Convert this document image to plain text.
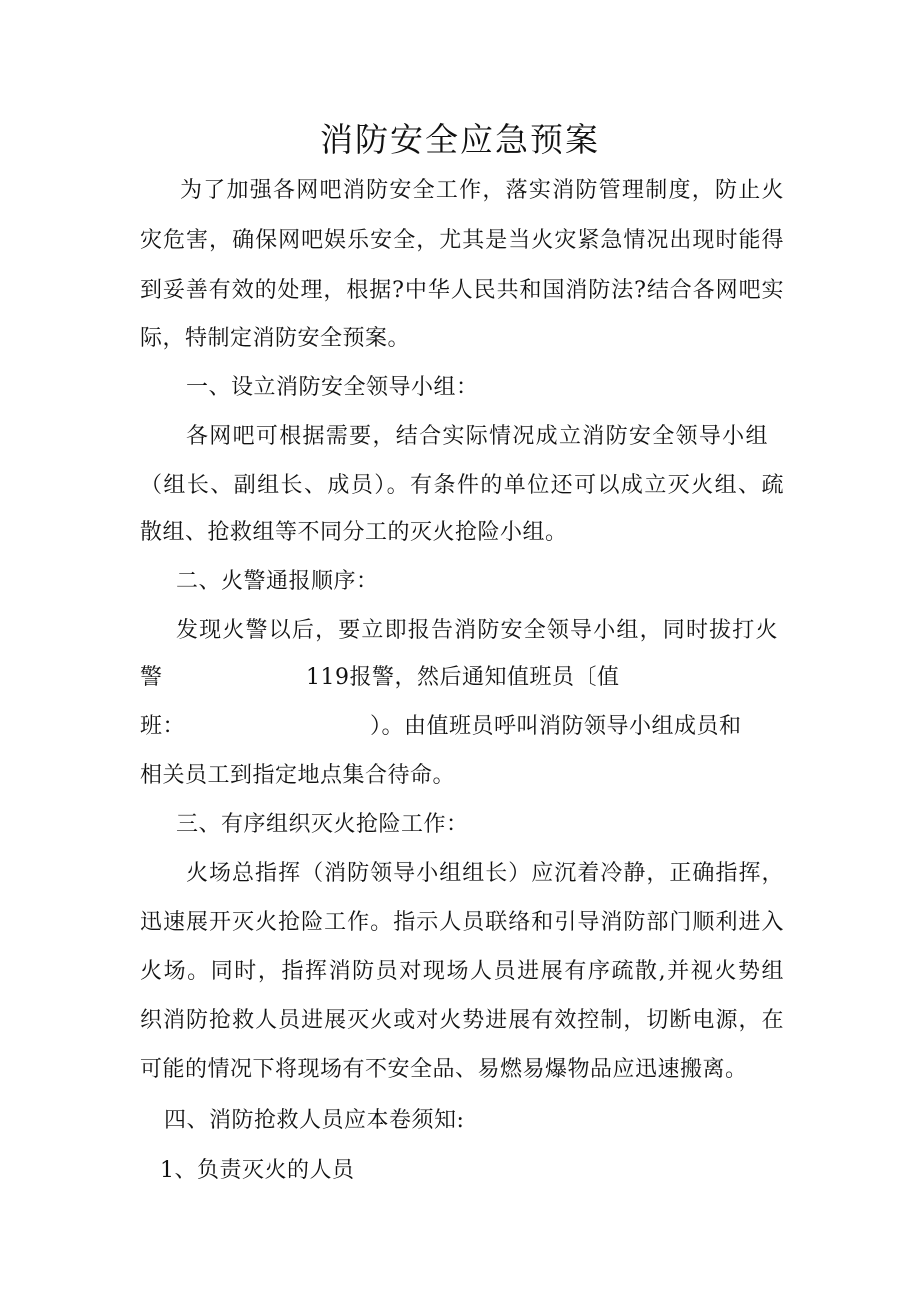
消防安全应急预案
为了加强各网吧消防安全工作，落实消防管理制度，防止火
灾危害，确保网吧娱乐安全，尤其是当火灾紧急情况出现时能得
到妥善有效的处理，根据?中华人民共和国消防法?结合各网吧实
际，特制定消防安全预案。
一、设立消防安全领导小组：
各网吧可根据需要，结合实际情况成立消防安全领导小组
（组长、副组长、成员）。有条件的单位还可以成立灭火组、疏
散组、抢救组等不同分工的灭火抢险小组。
二、火警通报顺序：
发现火警以后，要立即报告消防安全领导小组，同时拔打火
警	119报警，然后通知值班员〔值
班：	）。由值班员呼叫消防领导小组成员和
相关员工到指定地点集合待命。
三、有序组织灭火抢险工作：
火场总指挥（消防领导小组组长）应沉着冷静，正确指挥，
迅速展开灭火抢险工作。指示人员联络和引导消防部门顺利进入
火场。同时，指挥消防员对现场人员进展有序疏散,并视火势组
织消防抢救人员进展灭火或对火势进展有效控制，切断电源，在
可能的情况下将现场有不安全品、易燃易爆物品应迅速搬离。
四、消防抢救人员应本卷须知:
1、负责灭火的人员
